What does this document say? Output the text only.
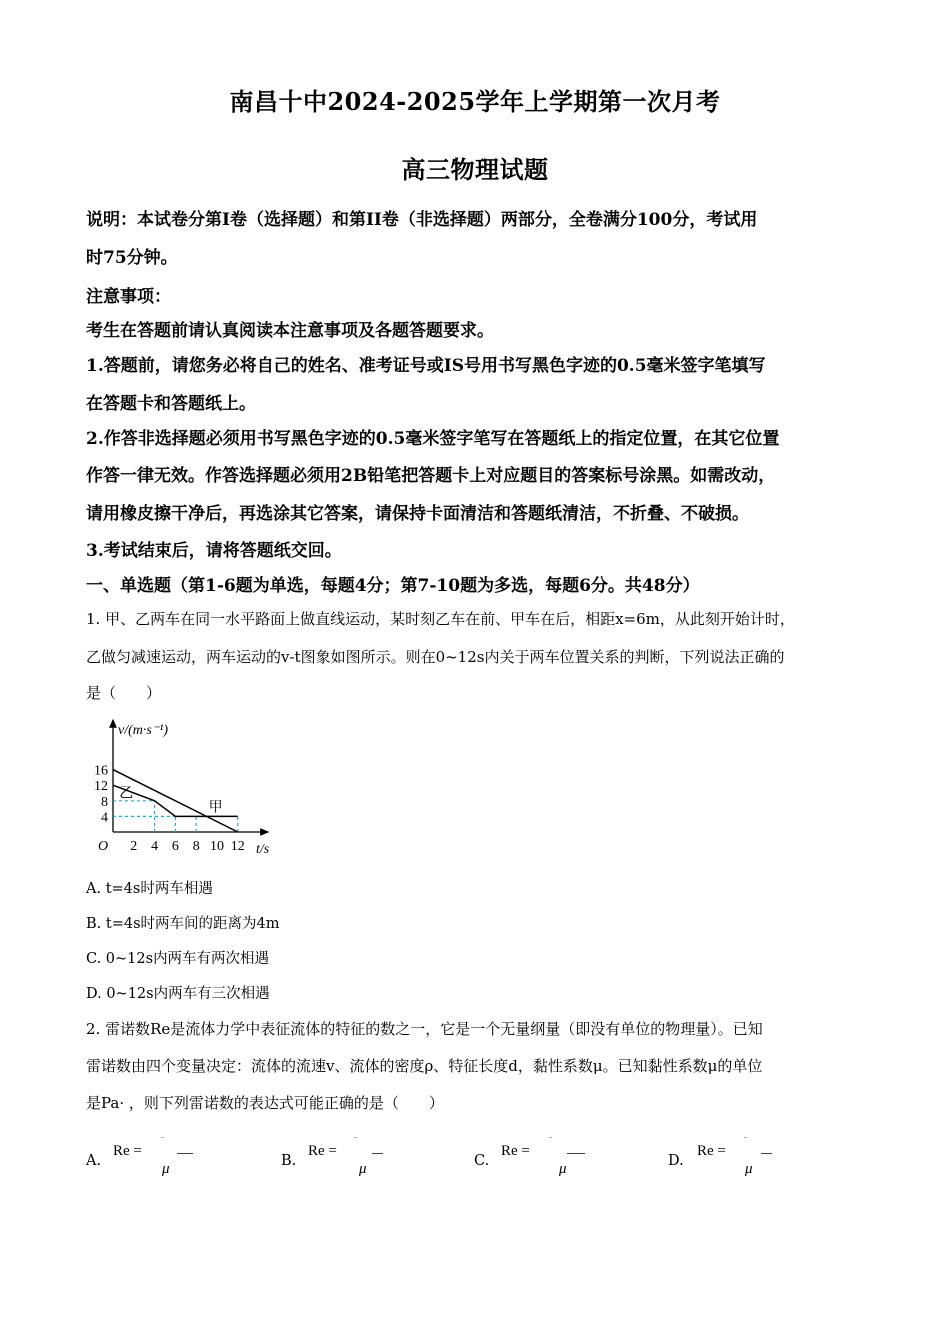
南昌十中2024-2025学年上学期第一次月考
高三物理试题
说明：本试卷分第I卷（选择题）和第II卷（非选择题）两部分，全卷满分100分，考试用
时75分钟。
注意事项：
考生在答题前请认真阅读本注意事项及各题答题要求。
1.答题前，请您务必将自己的姓名、准考证号或IS号用书写黑色字迹的0.5毫米签字笔填写
在答题卡和答题纸上。
2.作答非选择题必须用书写黑色字迹的0.5毫米签字笔写在答题纸上的指定位置，在其它位置
作答一律无效。作答选择题必须用2B铅笔把答题卡上对应题目的答案标号涂黑。如需改动，
请用橡皮擦干净后，再选涂其它答案，请保持卡面清洁和答题纸清洁，不折叠、不破损。
3.考试结束后，请将答题纸交回。
一、单选题（第1-6题为单选，每题4分；第7-10题为多选，每题6分。共48分）
1. 甲、乙两车在同一水平路面上做直线运动，某时刻乙车在前、甲车在后，相距x=6m，从此刻开始计时，
乙做匀减速运动，两车运动的v-t图象如图所示。则在0~12s内关于两车位置关系的判断，下列说法正确的
是（　　）
v/(m·s⁻¹)
t/s
O 2 4 6 8 10 12
16
12
8
4
甲
乙
A. t=4s时两车相遇
B. t=4s时两车间的距离为4m
C. 0~12s内两车有两次相遇
D. 0~12s内两车有三次相遇
2. 雷诺数Re是流体力学中表征流体的特征的数之一，它是一个无量纲量（即没有单位的物理量）。已知
雷诺数由四个变量决定：流体的流速v、流体的密度ρ、特征长度d，黏性系数μ。已知黏性系数μ的单位
是Pa· ，则下列雷诺数的表达式可能正确的是（　　）
A.
Re =
ˉ
μ	B.
Re =
ˉ
μ	C.
Re =
ˉ
μ	D.
Re =
ˉ
μ
